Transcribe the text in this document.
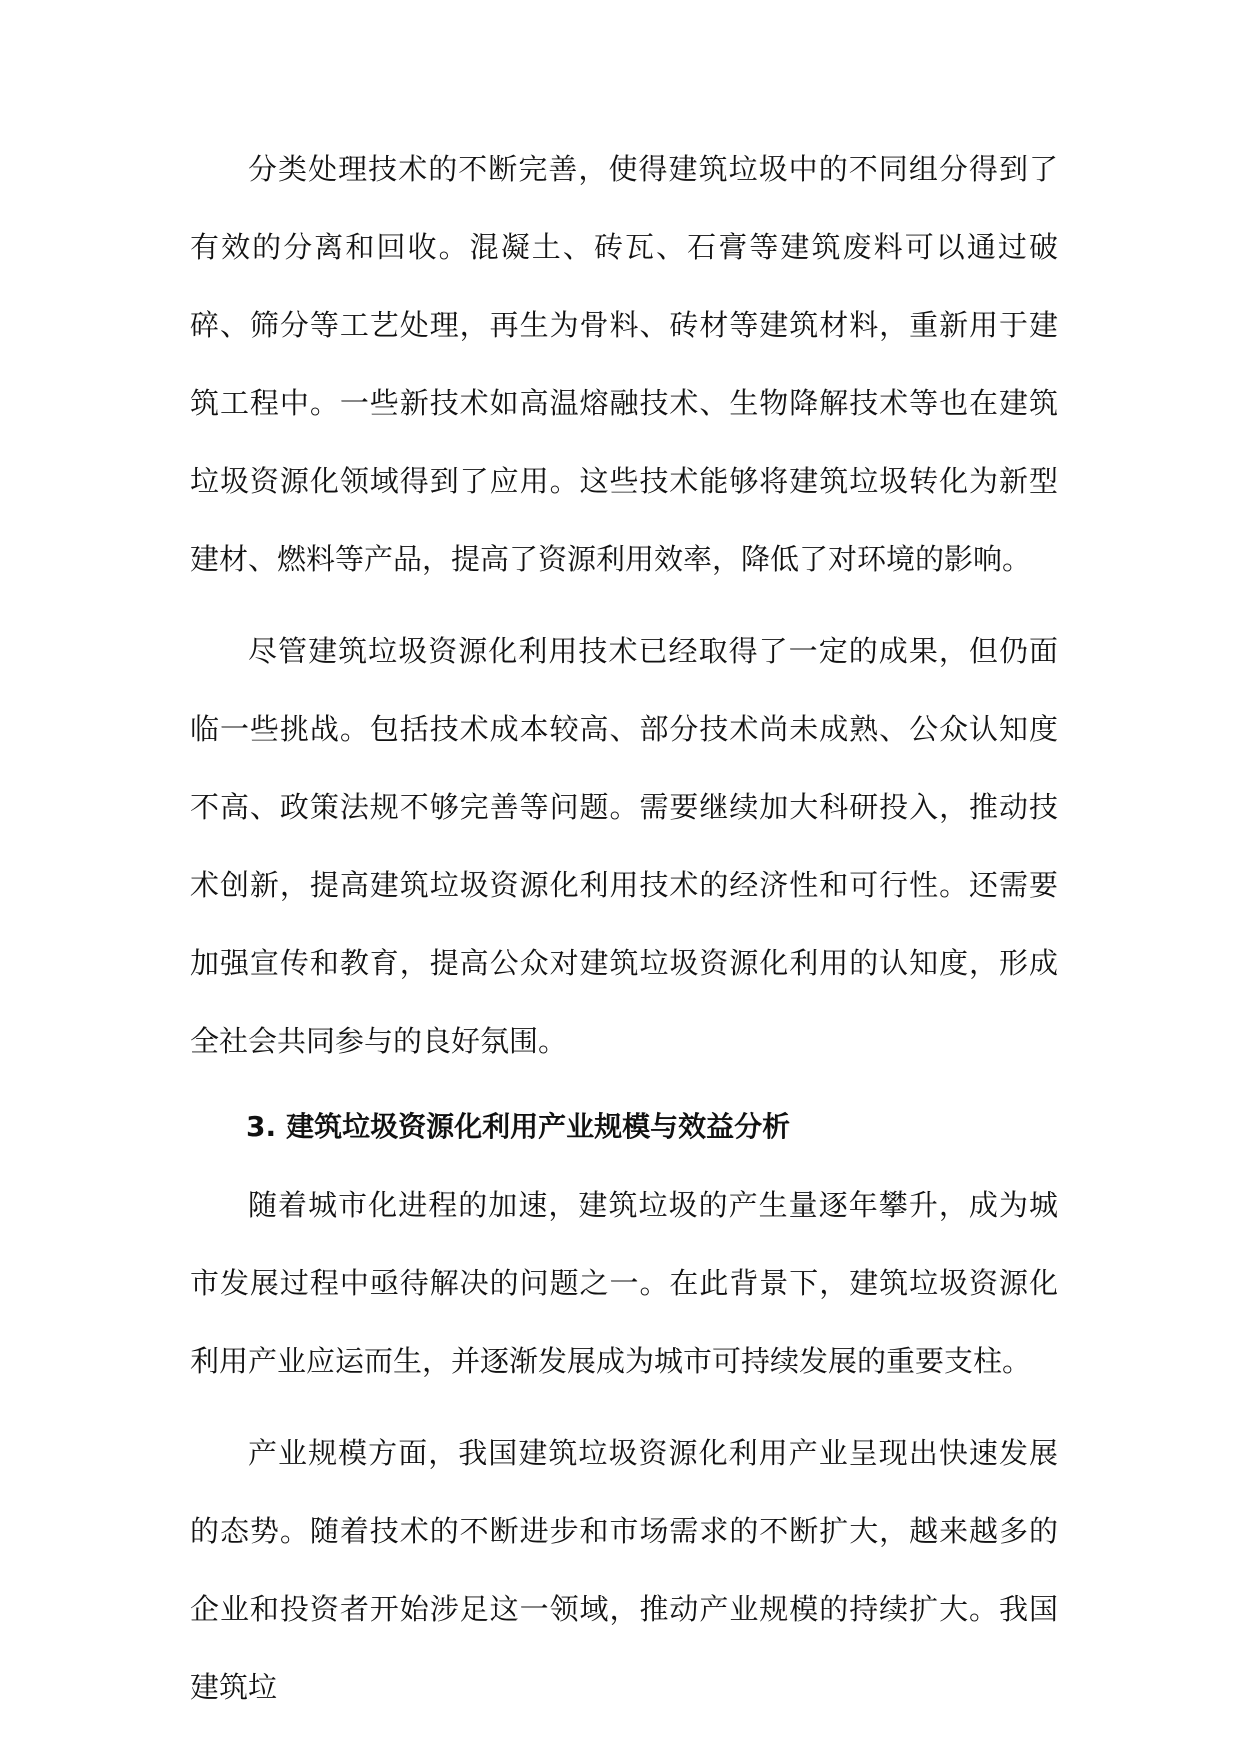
分类处理技术的不断完善，使得建筑垃圾中的不同组分得到了有效的分离和回收。混凝土、砖瓦、石膏等建筑废料可以通过破碎、筛分等工艺处理，再生为骨料、砖材等建筑材料，重新用于建筑工程中。一些新技术如高温熔融技术、生物降解技术等也在建筑垃圾资源化领域得到了应用。这些技术能够将建筑垃圾转化为新型建材、燃料等产品，提高了资源利用效率，降低了对环境的影响。

尽管建筑垃圾资源化利用技术已经取得了一定的成果，但仍面临一些挑战。包括技术成本较高、部分技术尚未成熟、公众认知度不高、政策法规不够完善等问题。需要继续加大科研投入，推动技术创新，提高建筑垃圾资源化利用技术的经济性和可行性。还需要加强宣传和教育，提高公众对建筑垃圾资源化利用的认知度，形成全社会共同参与的良好氛围。

3. 建筑垃圾资源化利用产业规模与效益分析

随着城市化进程的加速，建筑垃圾的产生量逐年攀升，成为城市发展过程中亟待解决的问题之一。在此背景下，建筑垃圾资源化利用产业应运而生，并逐渐发展成为城市可持续发展的重要支柱。

产业规模方面，我国建筑垃圾资源化利用产业呈现出快速发展的态势。随着技术的不断进步和市场需求的不断扩大，越来越多的企业和投资者开始涉足这一领域，推动产业规模的持续扩大。我国建筑垃
